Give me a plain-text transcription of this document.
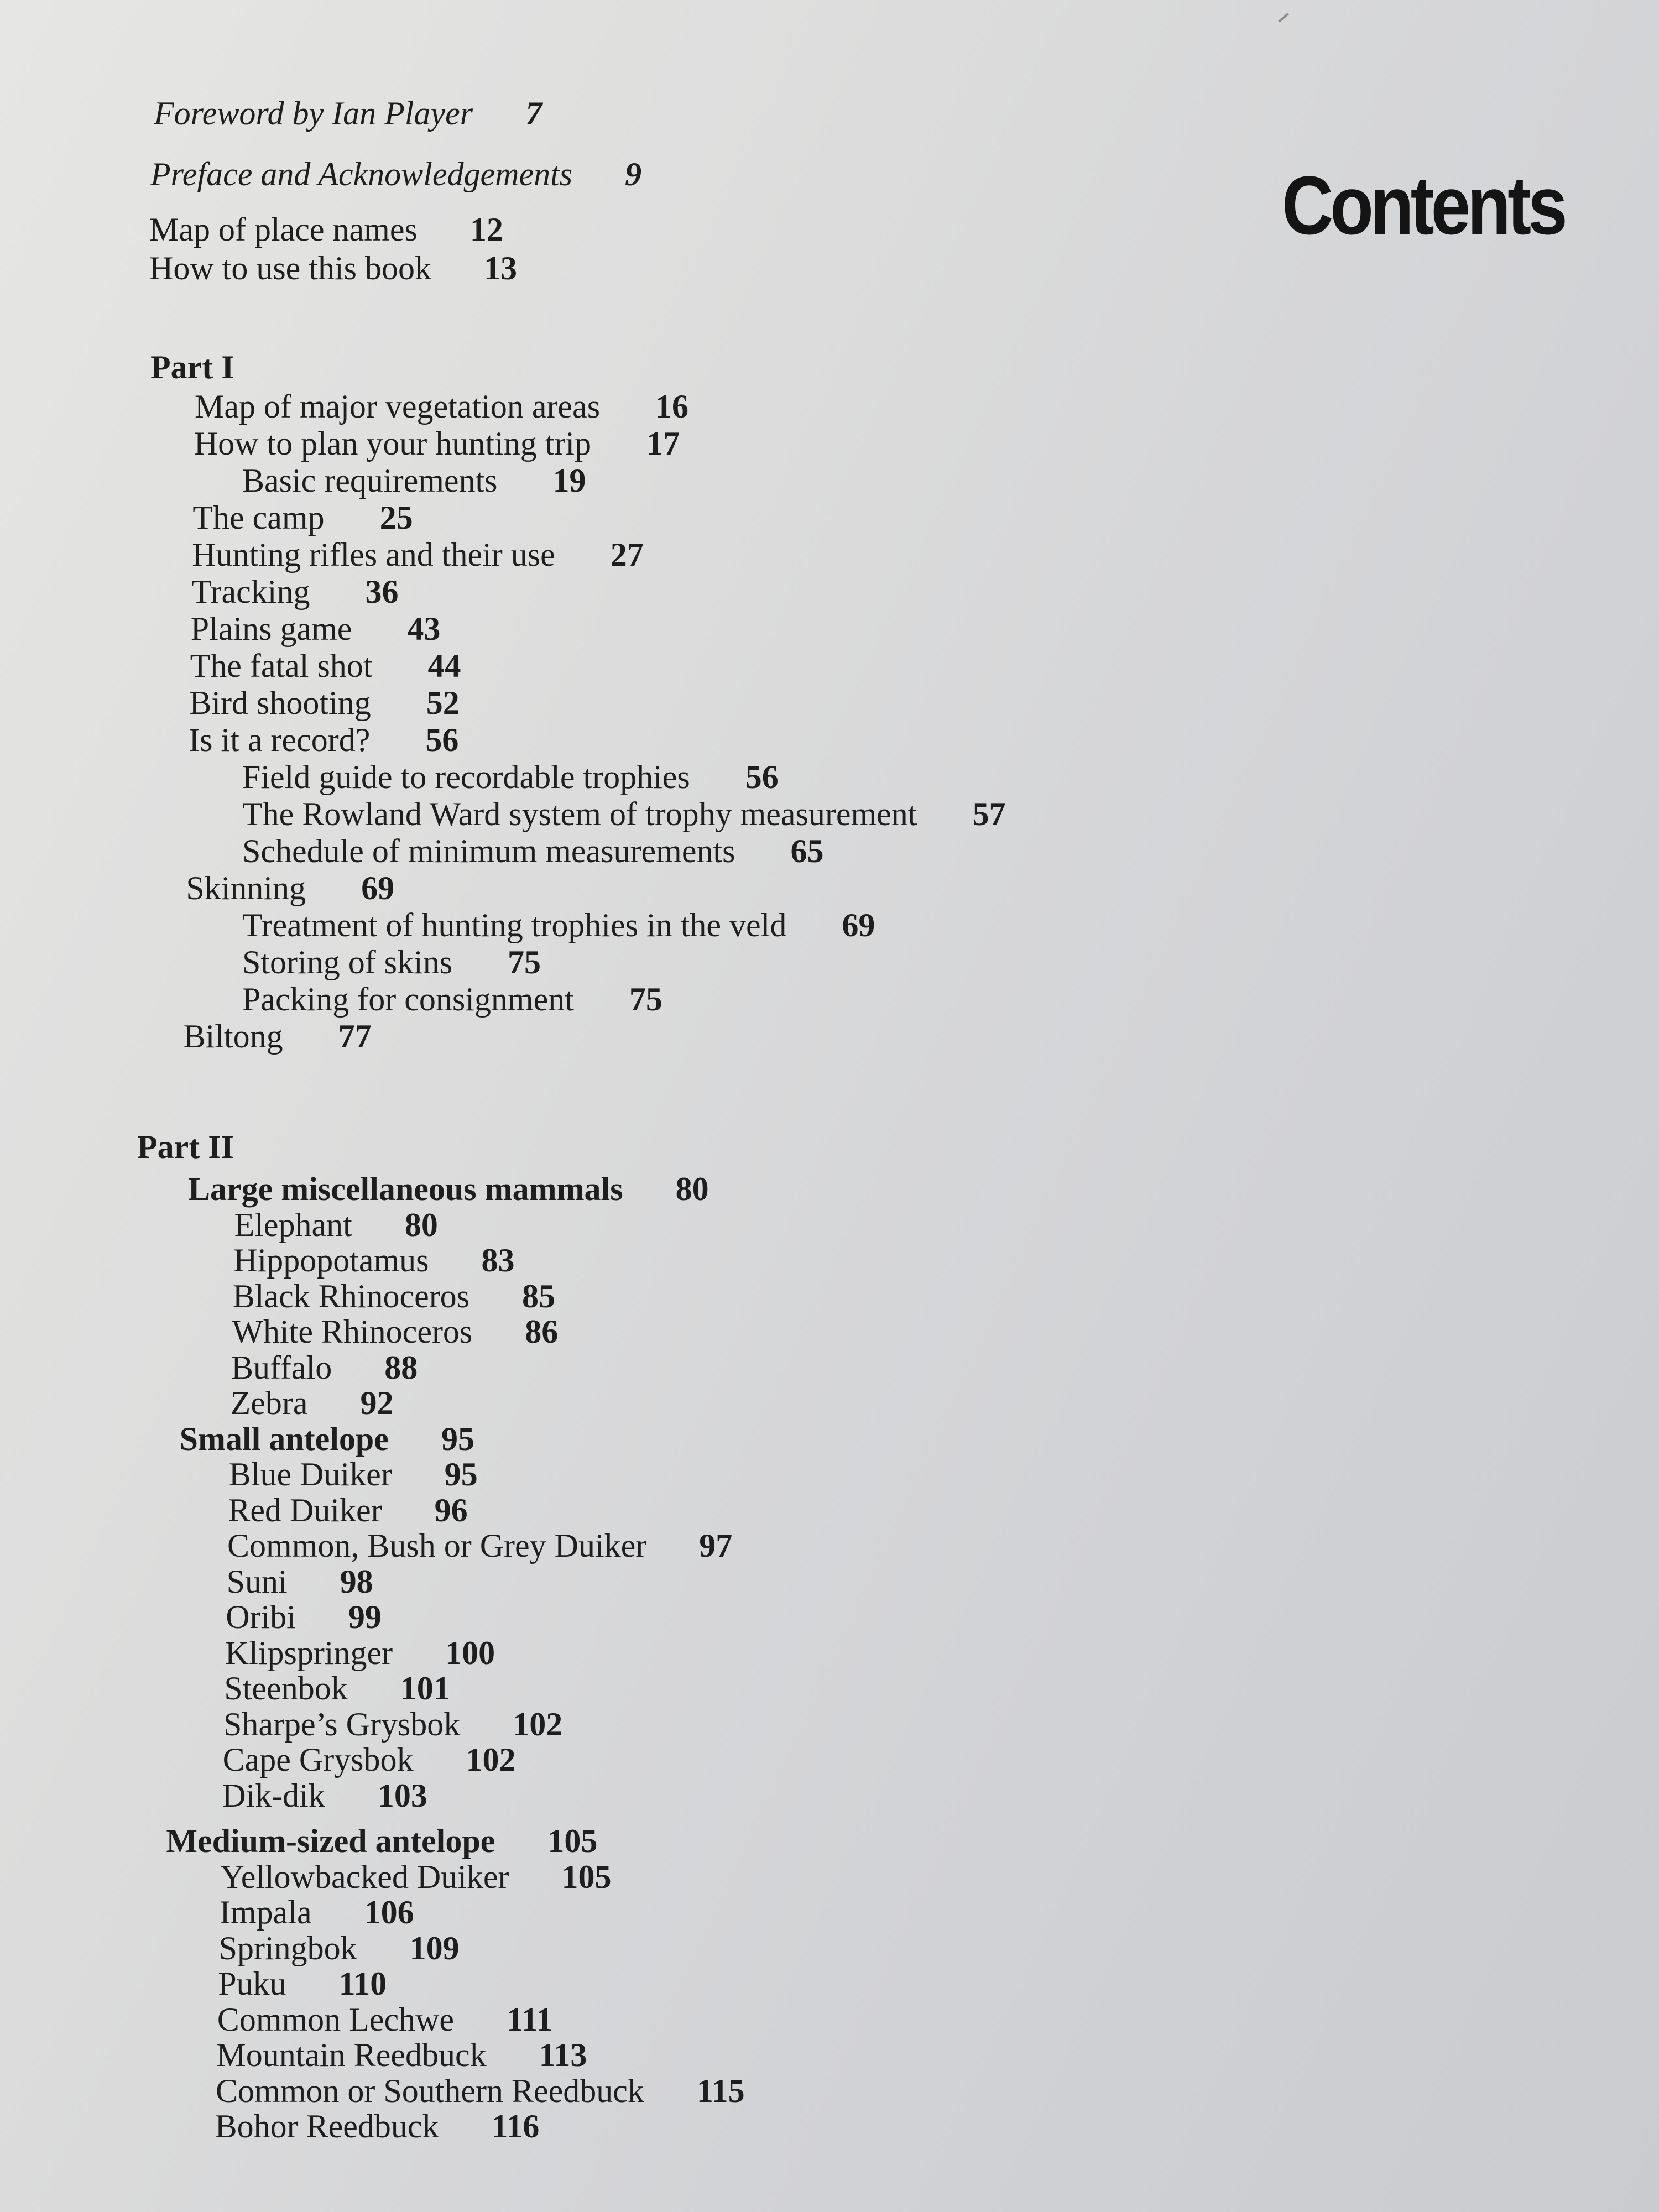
Contents
Foreword by Ian Player 7
Preface and Acknowledgements 9
Map of place names 12
How to use this book 13
Part I
Map of major vegetation areas 16
How to plan your hunting trip 17
Basic requirements 19
The camp 25
Hunting rifles and their use 27
Tracking 36
Plains game 43
The fatal shot 44
Bird shooting 52
Is it a record? 56
Field guide to recordable trophies 56
The Rowland Ward system of trophy measurement 57
Schedule of minimum measurements 65
Skinning 69
Treatment of hunting trophies in the veld 69
Storing of skins 75
Packing for consignment 75
Biltong 77
Part II
Large miscellaneous mammals 80
Elephant 80
Hippopotamus 83
Black Rhinoceros 85
White Rhinoceros 86
Buffalo 88
Zebra 92
Small antelope 95
Blue Duiker 95
Red Duiker 96
Common, Bush or Grey Duiker 97
Suni 98
Oribi 99
Klipspringer 100
Steenbok 101
Sharpe’s Grysbok 102
Cape Grysbok 102
Dik-dik 103
Medium-sized antelope 105
Yellowbacked Duiker 105
Impala 106
Springbok 109
Puku 110
Common Lechwe 111
Mountain Reedbuck 113
Common or Southern Reedbuck 115
Bohor Reedbuck 116
